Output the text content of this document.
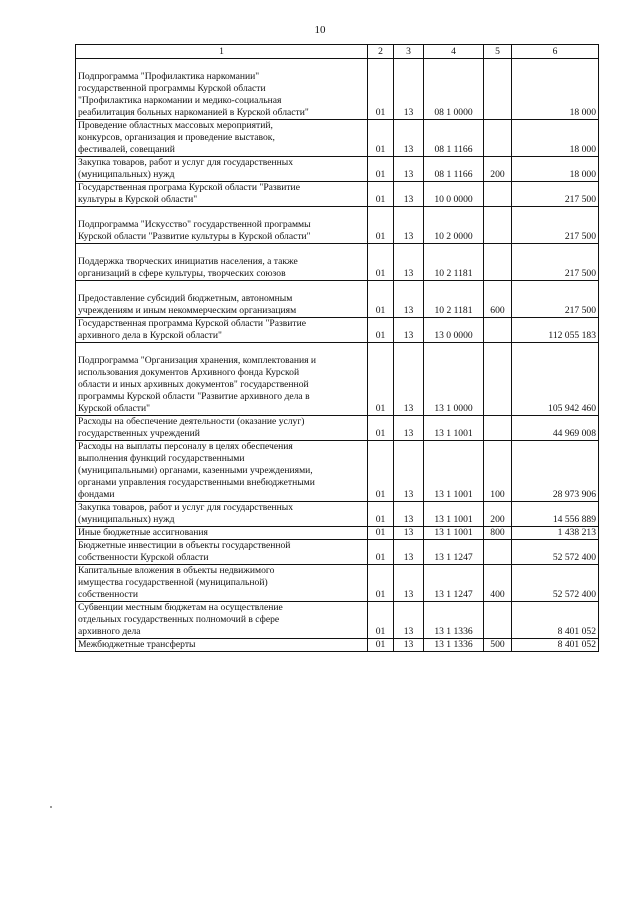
10
1	2	3	4	5	6

Подпрограмма "Профилактика наркомании"
государственной программы Курской области
"Профилактика наркомании и медико-социальная
реабилитация больных наркоманией в Курской области"	01	13	08 1 0000		18 000
Проведение областных массовых мероприятий,
конкурсов, организация и проведение выставок,
фестивалей, совещаний	01	13	08 1 1166		18 000
Закупка товаров, работ и услуг для государственных
(муниципальных) нужд	01	13	08 1 1166	200	18 000
Государственная програма Курской области "Развитие
культуры в Курской области"	01	13	10 0 0000		217 500

Подпрограмма "Искусство" государственной программы
Курской области "Развитие культуры в Курской области"	01	13	10 2 0000		217 500

Поддержка творческих инициатив населения, а также
организаций в сфере культуры, творческих союзов	01	13	10 2 1181		217 500

Предоставление субсидий бюджетным, автономным
учреждениям и иным некоммерческим организациям	01	13	10 2 1181	600	217 500
Государственная программа Курской области "Развитие
архивного дела в Курской области"	01	13	13 0 0000		112 055 183

Подпрограмма "Организация хранения, комплектования и
использования документов Архивного фонда Курской
области и иных архивных документов" государственной
программы Курской области "Развитие архивного дела в
Курской области"	01	13	13 1 0000		105 942 460
Расходы на обеспечение деятельности (оказание услуг)
государственных учреждений	01	13	13 1 1001		44 969 008
Расходы на выплаты персоналу в целях обеспечения
выполнения функций государственными
(муниципальными) органами, казенными учреждениями,
органами управления государственными внебюджетными
фондами	01	13	13 1 1001	100	28 973 906
Закупка товаров, работ и услуг для государственных
(муниципальных) нужд	01	13	13 1 1001	200	14 556 889
Иные бюджетные ассигнования	01	13	13 1 1001	800	1 438 213
Бюджетные инвестиции в объекты государственной
собственности Курской области	01	13	13 1 1247		52 572 400
Капитальные вложения в объекты недвижимого
имущества государственной (муниципальной)
собственности	01	13	13 1 1247	400	52 572 400
Субвенции местным бюджетам на осуществление
отдельных государственных полномочий в сфере
архивного дела	01	13	13 1 1336		8 401 052
Межбюджетные трансферты	01	13	13 1 1336	500	8 401 052
